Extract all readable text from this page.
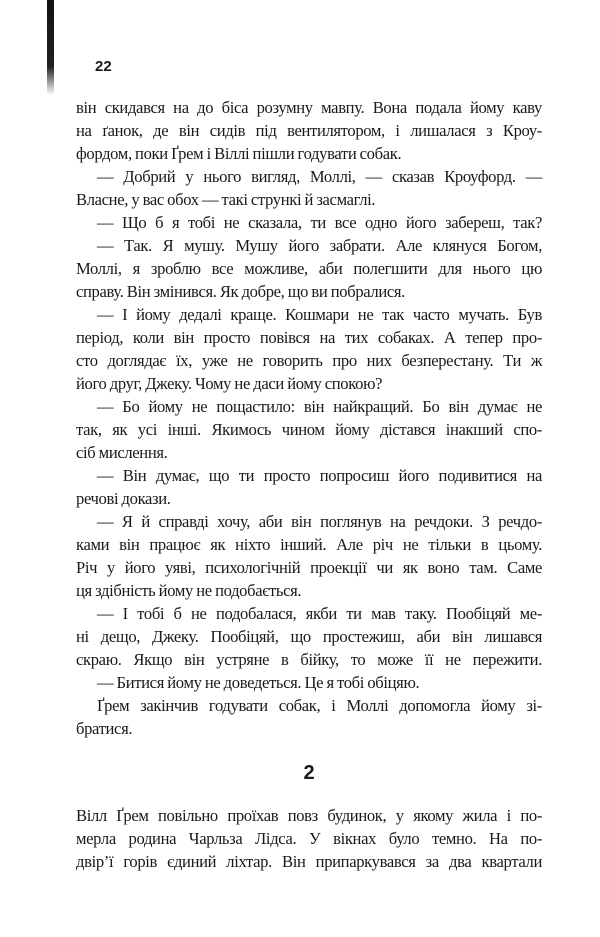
22
він скидався на до біса розумну мавпу. Вона подала йому каву
на ґанок, де він сидів під вентилятором, і лишалася з Кроу-
фордом, поки Ґрем і Віллі пішли годувати собак.
— Добрий у нього вигляд, Моллі, — сказав Кроуфорд. —
Власне, у вас обох — такі стрункі й засмаглі.
— Що б я тобі не сказала, ти все одно його забереш, так?
— Так. Я мушу. Мушу його забрати. Але клянуся Богом,
Моллі, я зроблю все можливе, аби полегшити для нього цю
справу. Він змінився. Як добре, що ви побралися.
— І йому дедалі краще. Кошмари не так часто мучать. Був
період, коли він просто повівся на тих собаках. А тепер про-
сто доглядає їх, уже не говорить про них безперестану. Ти ж
його друг, Джеку. Чому не даси йому спокою?
— Бо йому не пощастило: він найкращий. Бо він думає не
так, як усі інші. Якимось чином йому дістався інакший спо-
сіб мислення.
— Він думає, що ти просто попросиш його подивитися на
речові докази.
— Я й справді хочу, аби він поглянув на речдоки. З речдо-
ками він працює як ніхто інший. Але річ не тільки в цьому.
Річ у його уяві, психологічній проекції чи як воно там. Саме
ця здібність йому не подобається.
— І тобі б не подобалася, якби ти мав таку. Пообіцяй ме-
ні дещо, Джеку. Пообіцяй, що простежиш, аби він лишався
скраю. Якщо він устряне в бійку, то може її не пережити.
— Битися йому не доведеться. Це я тобі обіцяю.
Ґрем закінчив годувати собак, і Моллі допомогла йому зі-
братися.
2
Вілл Ґрем повільно проїхав повз будинок, у якому жила і по-
мерла родина Чарльза Лідса. У вікнах було темно. На по-
двір’ї горів єдиний ліхтар. Він припаркувався за два квартали
